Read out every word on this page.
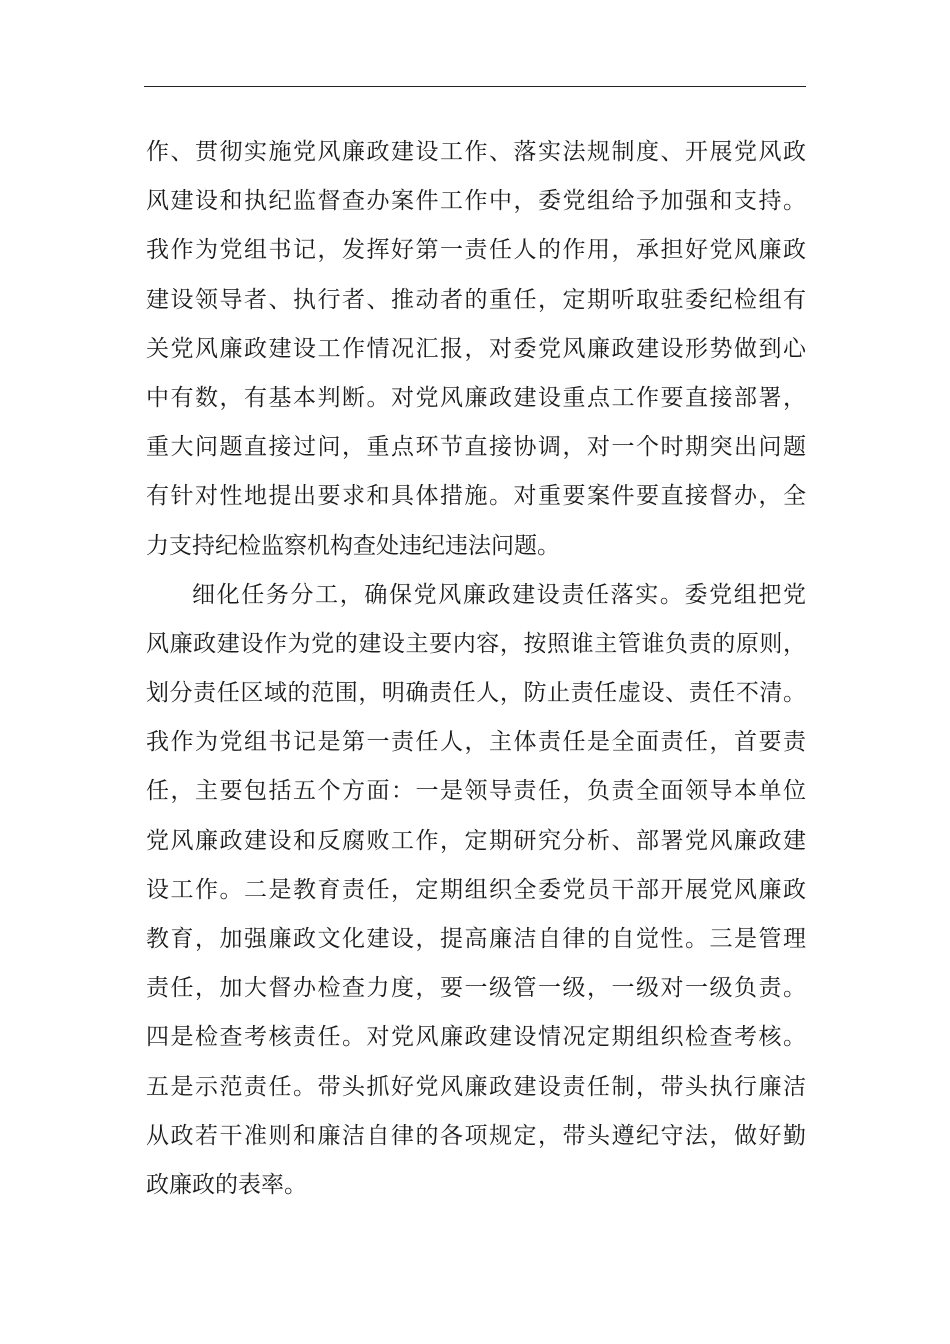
作、贯彻实施党风廉政建设工作、落实法规制度、开展党风政
风建设和执纪监督查办案件工作中，委党组给予加强和支持。
我作为党组书记，发挥好第一责任人的作用，承担好党风廉政
建设领导者、执行者、推动者的重任，定期听取驻委纪检组有
关党风廉政建设工作情况汇报，对委党风廉政建设形势做到心
中有数，有基本判断。对党风廉政建设重点工作要直接部署，
重大问题直接过问，重点环节直接协调，对一个时期突出问题
有针对性地提出要求和具体措施。对重要案件要直接督办，全
力支持纪检监察机构查处违纪违法问题。
细化任务分工，确保党风廉政建设责任落实。委党组把党
风廉政建设作为党的建设主要内容，按照谁主管谁负责的原则，
划分责任区域的范围，明确责任人，防止责任虚设、责任不清。
我作为党组书记是第一责任人，主体责任是全面责任，首要责
任，主要包括五个方面：一是领导责任，负责全面领导本单位
党风廉政建设和反腐败工作，定期研究分析、部署党风廉政建
设工作。二是教育责任，定期组织全委党员干部开展党风廉政
教育，加强廉政文化建设，提高廉洁自律的自觉性。三是管理
责任，加大督办检查力度，要一级管一级，一级对一级负责。
四是检查考核责任。对党风廉政建设情况定期组织检查考核。
五是示范责任。带头抓好党风廉政建设责任制，带头执行廉洁
从政若干准则和廉洁自律的各项规定，带头遵纪守法，做好勤
政廉政的表率。
